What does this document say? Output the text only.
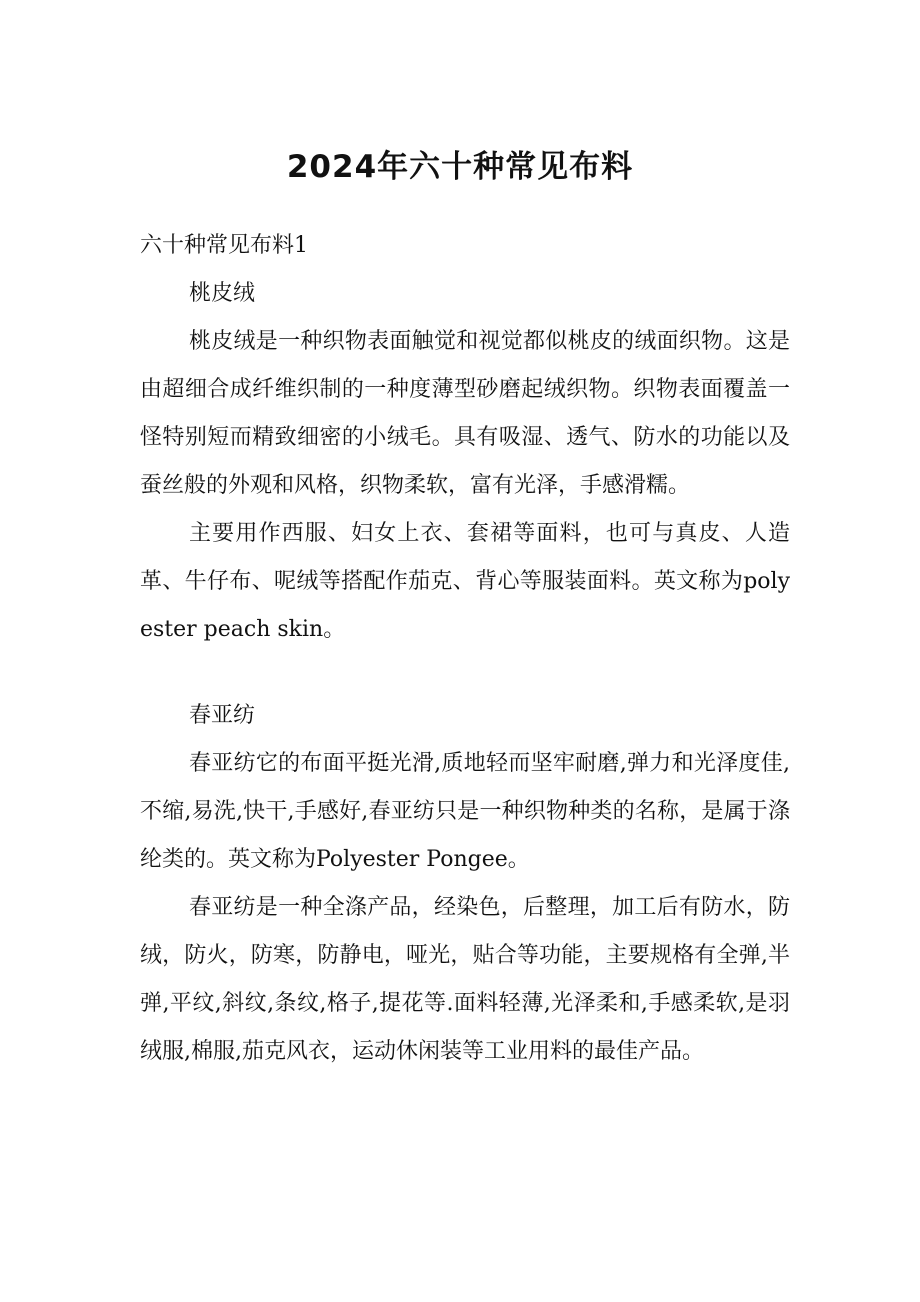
2024年六十种常见布料

六十种常见布料1

桃皮绒

桃皮绒是一种织物表面触觉和视觉都似桃皮的绒面织物。这是由超细合成纤维织制的一种度薄型砂磨起绒织物。织物表面覆盖一怪特别短而精致细密的小绒毛。具有吸湿、透气、防水的功能以及蚕丝般的外观和风格，织物柔软，富有光泽，手感滑糯。

主要用作西服、妇女上衣、套裙等面料，也可与真皮、人造革、牛仔布、呢绒等搭配作茄克、背心等服装面料。英文称为polyester peach skin。

春亚纺

春亚纺它的布面平挺光滑,质地轻而坚牢耐磨,弹力和光泽度佳,不缩,易洗,快干,手感好,春亚纺只是一种织物种类的名称，是属于涤纶类的。英文称为Polyester Pongee。

春亚纺是一种全涤产品，经染色，后整理，加工后有防水，防绒，防火，防寒，防静电，哑光，贴合等功能，主要规格有全弹,半弹,平纹,斜纹,条纹,格子,提花等.面料轻薄,光泽柔和,手感柔软,是羽绒服,棉服,茄克风衣，运动休闲装等工业用料的最佳产品。
